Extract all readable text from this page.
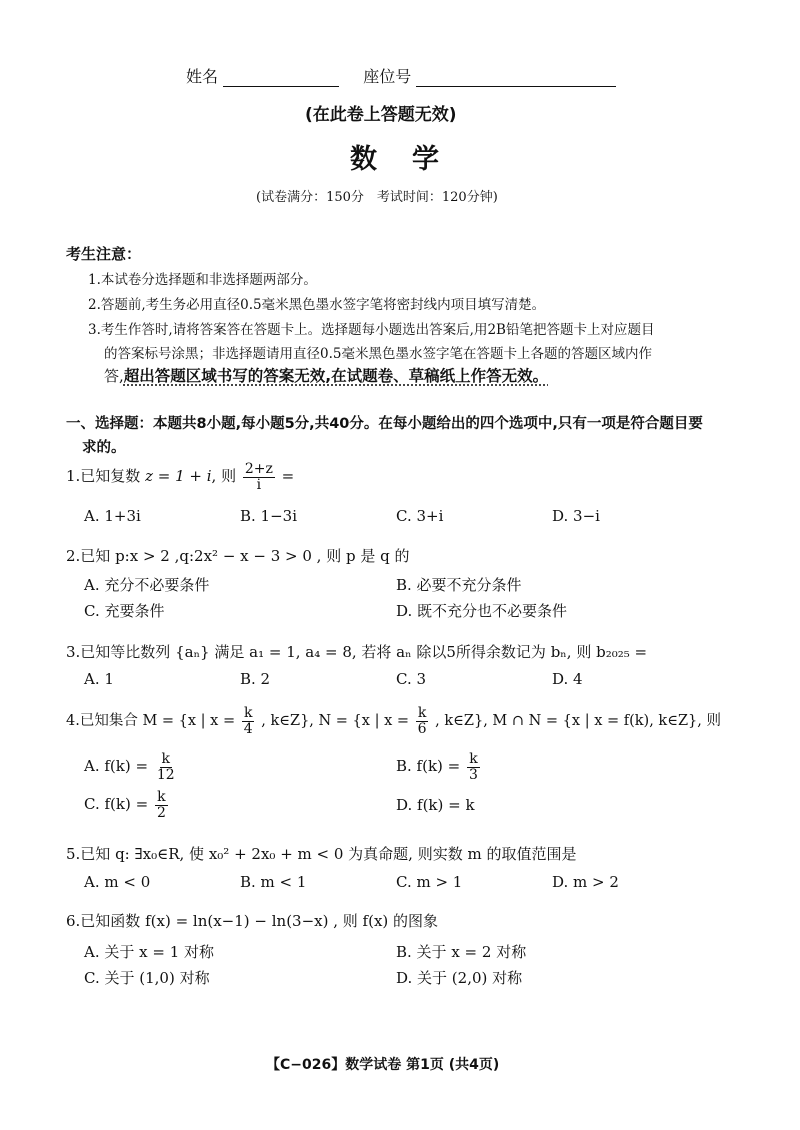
姓名	座位号
(在此卷上答题无效)
数　学
(试卷满分：150分　考试时间：120分钟)
考生注意：
1.本试卷分选择题和非选择题两部分。
2.答题前,考生务必用直径0.5毫米黑色墨水签字笔将密封线内项目填写清楚。
3.考生作答时,请将答案答在答题卡上。选择题每小题选出答案后,用2B铅笔把答题卡上对应题目
的答案标号涂黑；非选择题请用直径0.5毫米黑色墨水签字笔在答题卡上各题的答题区域内作
答,超出答题区域书写的答案无效,在试题卷、草稿纸上作答无效。
一、选择题：本题共8小题,每小题5分,共40分。在每小题给出的四个选项中,只有一项是符合题目要
求的。
1.已知复数 z = 1 + i, 则 $\frac{2+z}{i}$ =
A. 1+3i	B. 1−3i	C. 3+i	D. 3−i
2.已知 p:x > 2 ,q:2x² − x − 3 > 0 , 则 p 是 q 的
A. 充分不必要条件	B. 必要不充分条件
C. 充要条件	D. 既不充分也不必要条件
3.已知等比数列 {aₙ} 满足 a₁ = 1, a₄ = 8, 若将 aₙ 除以5所得余数记为 bₙ, 则 b₂₀₂₅ =
A. 1	B. 2	C. 3	D. 4
4.已知集合 M = {x | $x = \frac{k}{4}$ , k∈Z}, N = {x | $x = \frac{k}{6}$ , k∈Z}, M ∩ N = {x | x = f(k), k∈Z}, 则
A. $f(k) = \frac{k}{12}$	B. $f(k) = \frac{k}{3}$
C. $f(k) = \frac{k}{2}$	D. f(k) = k
5.已知 q: ∃x₀∈R, 使 x₀² + 2x₀ + m < 0 为真命题, 则实数 m 的取值范围是
A. m < 0	B. m < 1	C. m > 1	D. m > 2
6.已知函数 f(x) = ln(x−1) − ln(3−x) , 则 f(x) 的图象
A. 关于 x = 1 对称	B. 关于 x = 2 对称
C. 关于 (1,0) 对称	D. 关于 (2,0) 对称
【C−026】数学试卷 第1页 (共4页)
